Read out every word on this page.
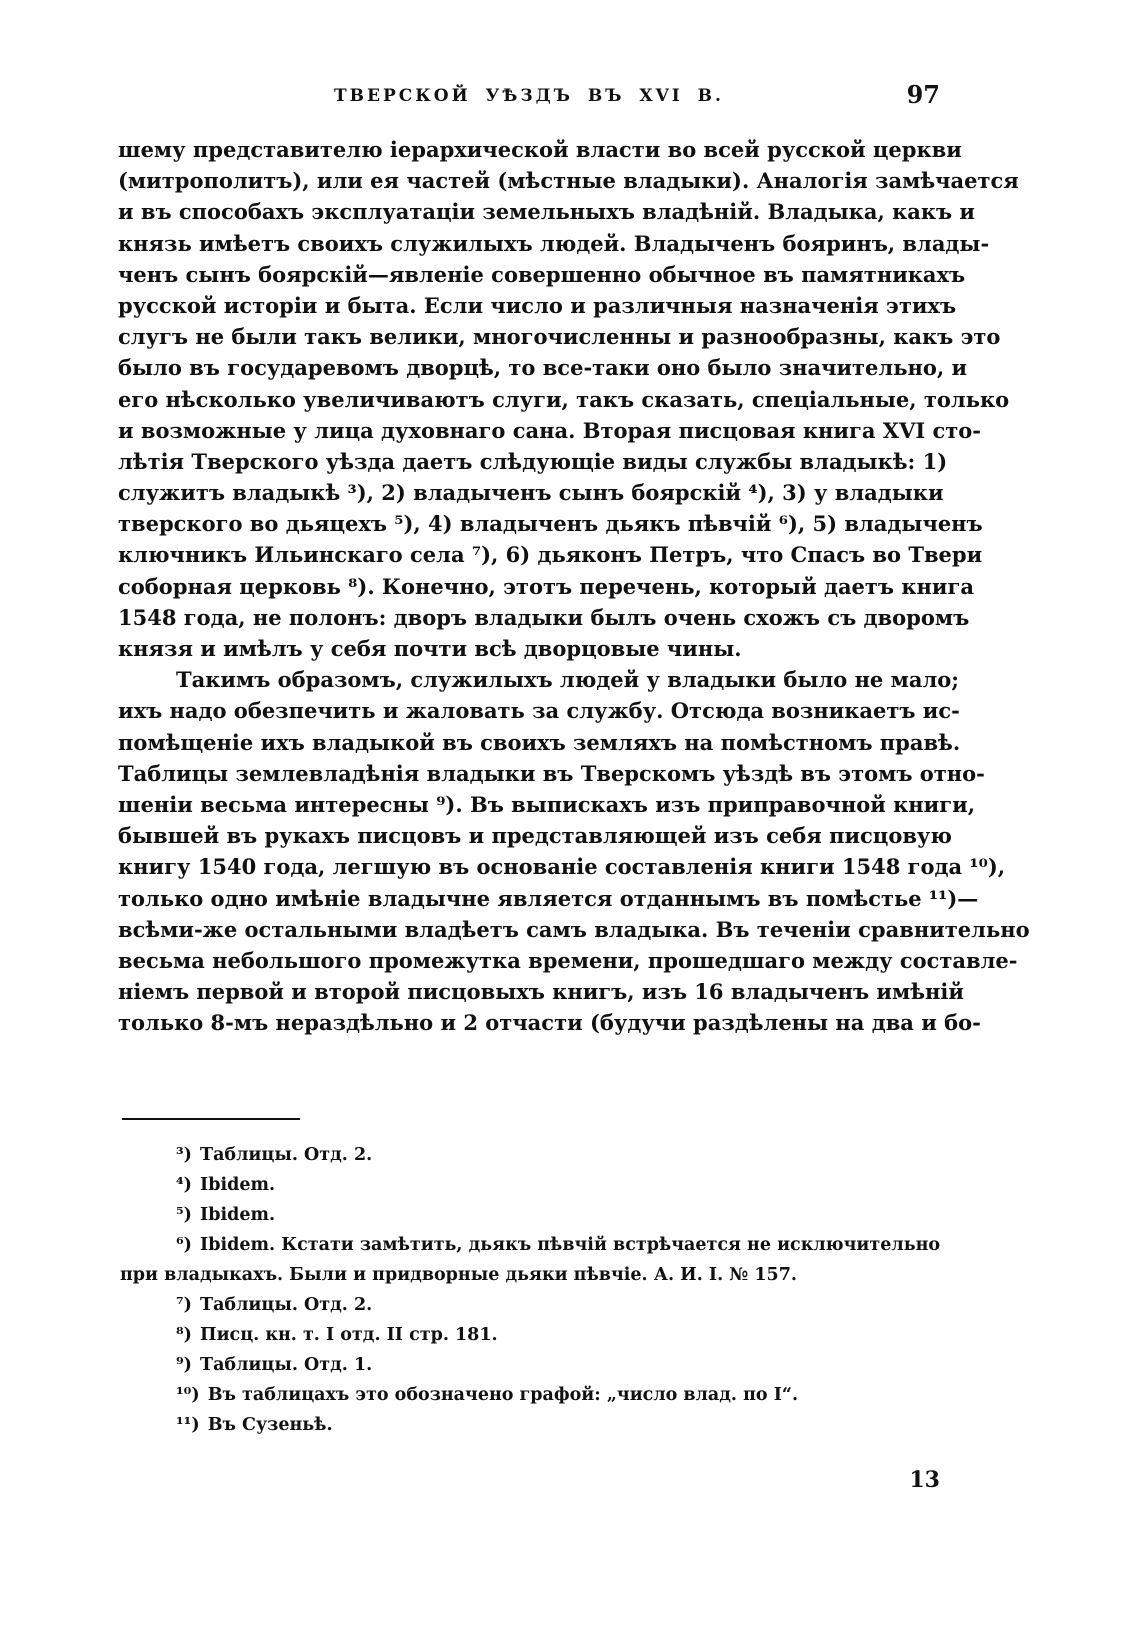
ТВЕРСКОЙ УѢЗДЪ ВЪ XVI В.	97
шему представителю іерархической власти во всей русской церкви
(митрополитъ), или ея частей (мѣстные владыки). Аналогія замѣчается
и въ способахъ эксплуатаціи земельныхъ владѣній. Владыка, какъ и
князь имѣетъ своихъ служилыхъ людей. Владыченъ бояринъ, влады-
ченъ сынъ боярскій—явленіе совершенно обычное въ памятникахъ
русской исторіи и быта. Если число и различныя назначенія этихъ
слугъ не были такъ велики, многочисленны и разнообразны, какъ это
было въ государевомъ дворцѣ, то все-таки оно было значительно, и
его нѣсколько увеличиваютъ слуги, такъ сказать, спеціальные, только
и возможные у лица духовнаго сана. Вторая писцовая книга XVI сто-
лѣтія Тверского уѣзда даетъ слѣдующіе виды службы владыкѣ: 1)
служитъ владыкѣ ³), 2) владыченъ сынъ боярскій ⁴), 3) у владыки
тверского во дьяцехъ ⁵), 4) владыченъ дьякъ пѣвчій ⁶), 5) владыченъ
ключникъ Ильинскаго села ⁷), 6) дьяконъ Петръ, что Спасъ во Твери
соборная церковь ⁸). Конечно, этотъ перечень, который даетъ книга
1548 года, не полонъ: дворъ владыки былъ очень схожъ съ дворомъ
князя и имѣлъ у себя почти всѣ дворцовые чины.
Такимъ образомъ, служилыхъ людей у владыки было не мало;
ихъ надо обезпечить и жаловать за службу. Отсюда возникаетъ ис-
помѣщеніе ихъ владыкой въ своихъ земляхъ на помѣстномъ правѣ.
Таблицы землевладѣнія владыки въ Тверскомъ уѣздѣ въ этомъ отно-
шеніи весьма интересны ⁹). Въ выпискахъ изъ приправочной книги,
бывшей въ рукахъ писцовъ и представляющей изъ себя писцовую
книгу 1540 года, легшую въ основаніе составленія книги 1548 года ¹⁰),
только одно имѣніе владычне является отданнымъ въ помѣстье ¹¹)—
всѣми-же остальными владѣетъ самъ владыка. Въ теченіи сравнительно
весьма небольшого промежутка времени, прошедшаго между составле-
ніемъ первой и второй писцовыхъ книгъ, изъ 16 владыченъ имѣній
только 8-мъ нераздѣльно и 2 отчасти (будучи раздѣлены на два и бо-
³) Таблицы. Отд. 2.
⁴) Ibidem.
⁵) Ibidem.
⁶) Ibidem. Кстати замѣтить, дьякъ пѣвчій встрѣчается не исключительно
при владыкахъ. Были и придворные дьяки пѣвчіе. А. И. I. № 157.
⁷) Таблицы. Отд. 2.
⁸) Писц. кн. т. I отд. II стр. 181.
⁹) Таблицы. Отд. 1.
¹⁰) Въ таблицахъ это обозначено графой: „число влад. по I“.
¹¹) Въ Сузеньѣ.
13
